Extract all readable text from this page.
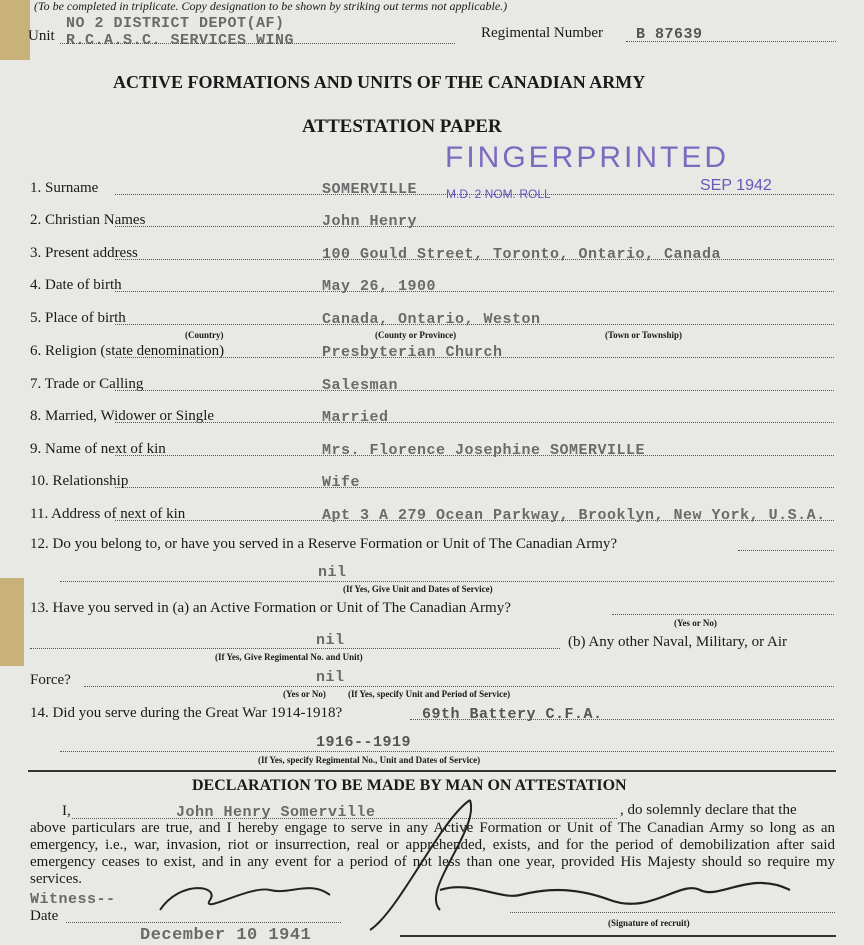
(To be completed in triplicate. Copy designation to be shown by striking out terms not applicable.)
Unit
NO 2 DISTRICT DEPOT(AF)
R.C.A.S.C. SERVICES WING	Regimental Number B 87639
ACTIVE FORMATIONS AND UNITS OF THE CANADIAN ARMY
ATTESTATION PAPER
FINGERPRINTED
SEP 1942
M.D. 2 NOM. ROLL
1. Surname	SOMERVILLE
2. Christian Names	John Henry
3. Present address	100 Gould Street, Toronto, Ontario, Canada
4. Date of birth	May 26, 1900
5. Place of birth	Canada, Ontario, Weston
(Country)	(County or Province)	(Town or Township)
6. Religion (state denomination)	Presbyterian Church
7. Trade or Calling	Salesman
8. Married, Widower or Single	Married
9. Name of next of kin	Mrs. Florence Josephine SOMERVILLE
10. Relationship	Wife
11. Address of next of kin	Apt 3 A 279 Ocean Parkway, Brooklyn, New York, U.S.A.
12. Do you belong to, or have you served in a Reserve Formation or Unit of The Canadian Army?
nil
(If Yes, Give Unit and Dates of Service)
13. Have you served in (a) an Active Formation or Unit of The Canadian Army?
(Yes or No)
nil
(If Yes, Give Regimental No. and Unit)
(b) Any other Naval, Military, or Air
Force?	nil
(Yes or No) (If Yes, specify Unit and Period of Service)
14. Did you serve during the Great War 1914-1918?	69th Battery C.F.A.
1916--1919
(If Yes, specify Regimental No., Unit and Dates of Service)
DECLARATION TO BE MADE BY MAN ON ATTESTATION
I,	John Henry Somerville	, do solemnly declare that the
above particulars are true, and I hereby engage to serve in any Active Formation or Unit of The Canadian Army so long as an emergency, i.e., war, invasion, riot or insurrection, real or apprehended, exists, and for the period of demobilization after said emergency ceases to exist, and in any event for a period of not less than one year, provided His Majesty should so require my services.
Witness--
Date
December 10 1941
(Signature of recruit)
